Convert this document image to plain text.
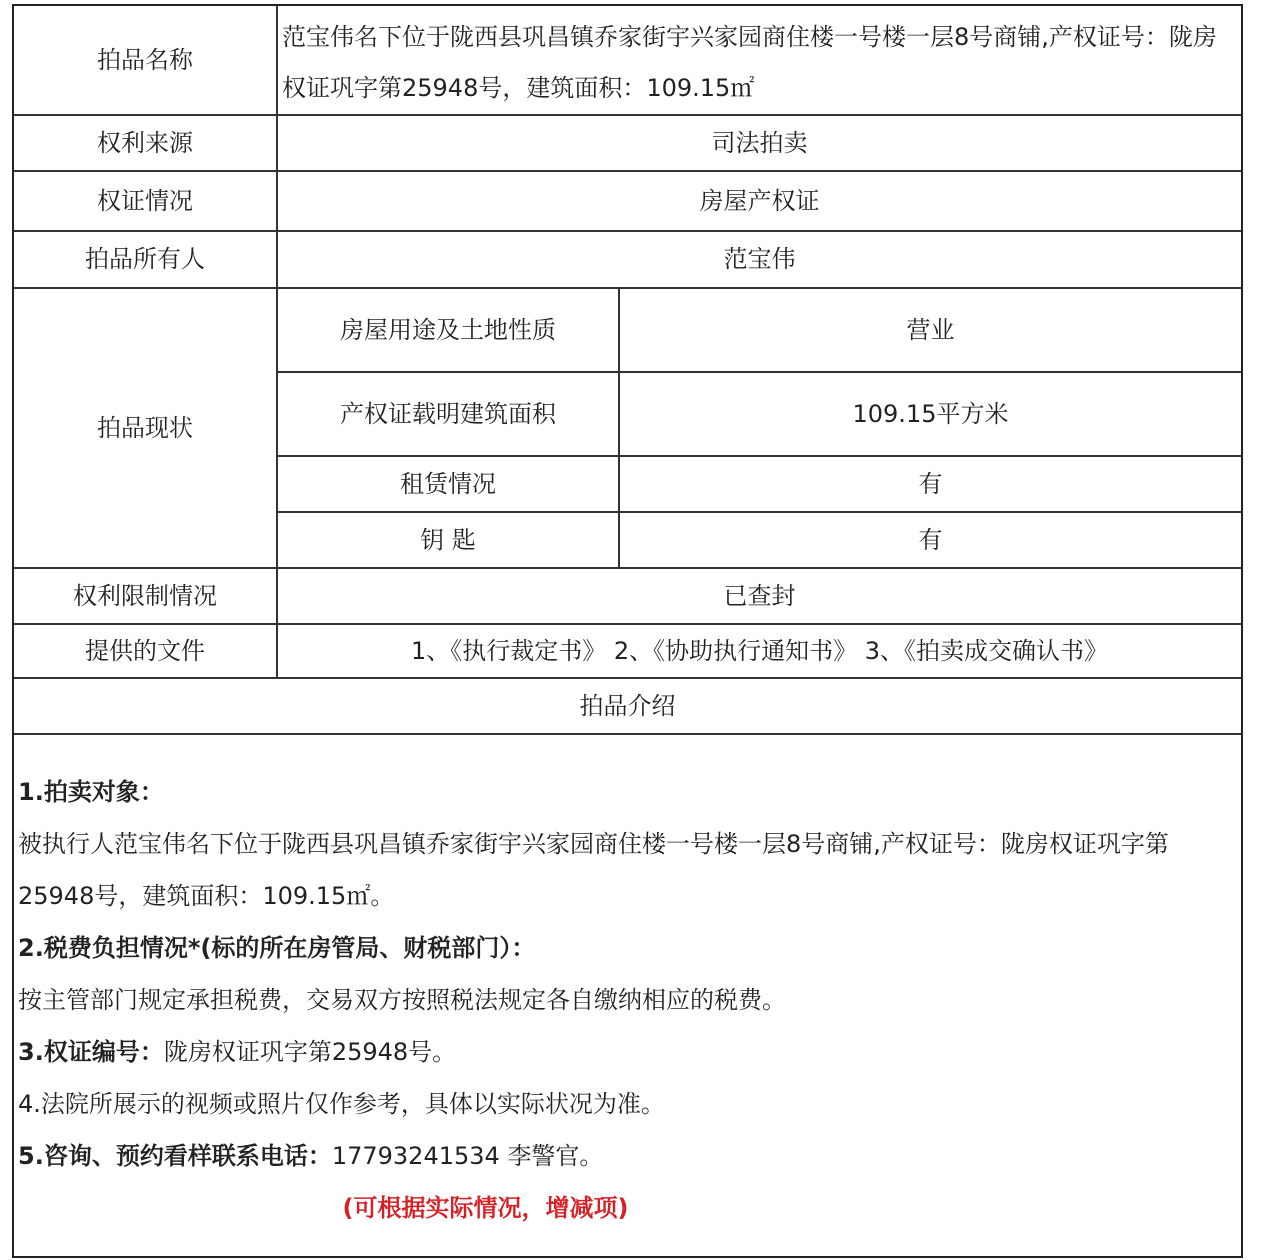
拍品名称	范宝伟名下位于陇西县巩昌镇乔家街宇兴家园商住楼一号楼一层8号商铺,产权证号：陇房权证巩字第25948号，建筑面积：109.15㎡	
权利来源	司法拍卖	
权证情况	房屋产权证	
拍品所有人	范宝伟	
拍品现状	房屋用途及土地性质	营业
	产权证载明建筑面积	109.15平方米
	租赁情况	有
	钥 匙	有
权利限制情况	已查封	
提供的文件	1、《执行裁定书》 2、《协助执行通知书》 3、《拍卖成交确认书》	
拍品介绍		

1.拍卖对象：

被执行人范宝伟名下位于陇西县巩昌镇乔家街宇兴家园商住楼一号楼一层8号商铺,产权证号：陇房权证巩字第25948号，建筑面积：109.15㎡。

2.税费负担情况*(标的所在房管局、财税部门）：

按主管部门规定承担税费，交易双方按照税法规定各自缴纳相应的税费。

3.权证编号：陇房权证巩字第25948号。

4.法院所展示的视频或照片仅作参考，具体以实际状况为准。

5.咨询、预约看样联系电话：17793241534 李警官。

(可根据实际情况，增减项)
